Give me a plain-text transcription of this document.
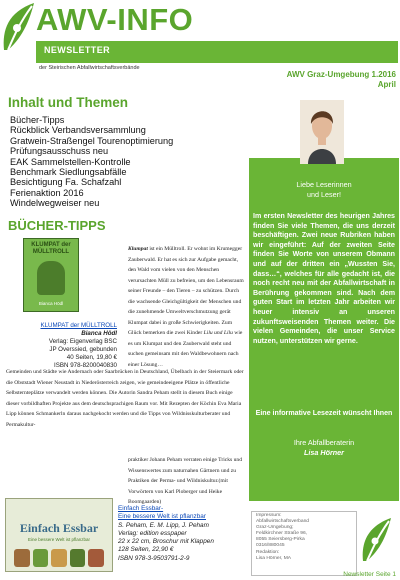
AWV-INFO
NEWSLETTER
der Steirischen Abfallwirtschaftsverbände
AWV Graz-Umgebung 1.2016
April
Inhalt und Themen
Bücher-Tipps
Rückblick Verbandsversammlung
Gratwein-Straßengel Tourenoptimierung
Prüfungsausschuss neu
EAK Sammelstellen-Kontrolle
Benchmark Siedlungsabfälle
Besichtigung Fa. Schafzahl
Ferienaktion 2016
Windelwegweiser neu
Liebe Leserinnen
und Leser!
Im ersten Newsletter des heurigen Jahres finden Sie viele Themen, die uns derzeit beschäftigen. Zwei neue Rubriken haben wir eingeführt: Auf der zweiten Seite finden Sie Worte von unserem Obmann und auf der dritten ein „Wussten Sie, dass…“, welches für alle gedacht ist, die noch recht neu mit der Abfallwirtschaft in Berührung gekommen sind. Nach dem guten Start im letzten Jahr arbeiten wir heuer intensiv an unseren zukunftsweisenden Themen weiter. Die vielen Gemeinden, die unser Service nutzen, unterstützen wir gerne.
Eine informative Lesezeit wünscht Ihnen
Ihre Abfallberaterin
Lisa Hörner
BÜCHER-TIPPS
KLUMPAT der MÜLLTROLL
Bianca Hödl
KLUMPAT der MÜLLTROLL
Bianca Hödl
Verlag: Eigenverlag BSC
JP Overssied, gebunden
40 Seiten, 19,80 €
ISBN 978-8200040830
Klumpat ist ein Mülltroll. Er wohnt im Krumegger Zauberwald. Er hat es sich zur Aufgabe gemacht, den Wald vom vielen von den Menschen verursachten Müll zu befreien, um den Lebensraum seiner Freunde – den Tieren – zu schützen. Durch die wachsende Gleichgültigkeit der Menschen und die zunehmende Umweltverschmutzung gerät Klumpat dabei in große Schwierigkeiten. Zum Glück bemerken die zwei Kinder Lilu und Lilu wie es um Klumpat und den Zauberwald steht und suchen gemeinsam mit den Waldbewohnern nach einer Lösung…
Gemeinden und Städte wie Andernach oder Saarbrücken in Deutschland, Übelbach in der Steiermark oder die Obststadt Wiener Neustadt in Niederösterreich zeigen, wie gemeindeeigene Plätze in öffentliche Selbsternteplätze verwandelt werden können. Die Autorin Sandra Peham stellt in diesem Buch einige dieser vorbildhaften Projekte aus dem deutschsprachigen Raum vor. Mit Rezepten der Köchin Eva Maria Lipp können Schmankerln daraus nachgekocht werden und die Tipps von Wildnisskulturberater und Permakultur-
praktiker Johann Peham verraten einige Tricks und Wissenswertes zum naturnahen Gärtnern und zu Praktiken der Perma- und Wildniskultur.(mit Vorwörtern von Karl Ploberger und Heike Boomgaarden)
Einfach Essbar
Eine bessere Welt ist pflanzbar
Einfach Essbar-
Eine bessere Welt ist pflanzbar
S. Peham, E. M. Lipp, J. Peham
Verlag: edition esspaper
22 x 22 cm, Broschur mit Klappen
128 Seiten, 22,90 €
ISBN 978-3-9503791-2-9
Impressum:
Abfallwirtschaftsverband
Graz-Umgebung;
Feldkirchner Straße 96,
8055 Seiersberg-Pirka
0316/880045
Redaktion:
Lisa Hörner, MA
Newsletter Seite 1
